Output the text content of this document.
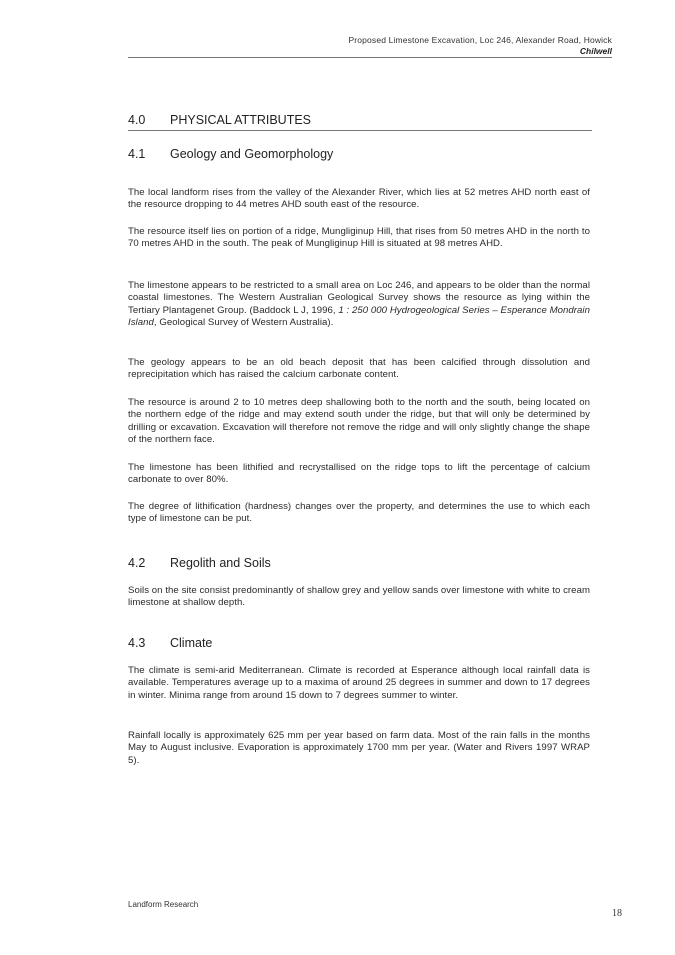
Proposed Limestone Excavation, Loc 246, Alexander Road, Howick
Chilwell
4.0 PHYSICAL ATTRIBUTES
4.1 Geology and Geomorphology
The local landform rises from the valley of the Alexander River, which lies at 52 metres AHD north east of the resource dropping to 44 metres AHD south east of the resource.
The resource itself lies on portion of a ridge, Mungliginup Hill, that rises from 50 metres AHD in the north to 70 metres AHD in the south. The peak of Mungliginup Hill is situated at 98 metres AHD.
The limestone appears to be restricted to a small area on Loc 246, and appears to be older than the normal coastal limestones. The Western Australian Geological Survey shows the resource as lying within the Tertiary Plantagenet Group. (Baddock L J, 1996, 1 : 250 000 Hydrogeological Series – Esperance Mondrain Island, Geological Survey of Western Australia).
The geology appears to be an old beach deposit that has been calcified through dissolution and reprecipitation which has raised the calcium carbonate content.
The resource is around 2 to 10 metres deep shallowing both to the north and the south, being located on the northern edge of the ridge and may extend south under the ridge, but that will only be determined by drilling or excavation. Excavation will therefore not remove the ridge and will only slightly change the shape of the northern face.
The limestone has been lithified and recrystallised on the ridge tops to lift the percentage of calcium carbonate to over 80%.
The degree of lithification (hardness) changes over the property, and determines the use to which each type of limestone can be put.
4.2 Regolith and Soils
Soils on the site consist predominantly of shallow grey and yellow sands over limestone with white to cream limestone at shallow depth.
4.3 Climate
The climate is semi-arid Mediterranean. Climate is recorded at Esperance although local rainfall data is available. Temperatures average up to a maxima of around 25 degrees in summer and down to 17 degrees in winter. Minima range from around 15 down to 7 degrees summer to winter.
Rainfall locally is approximately 625 mm per year based on farm data. Most of the rain falls in the months May to August inclusive. Evaporation is approximately 1700 mm per year. (Water and Rivers 1997 WRAP 5).
Landform Research
18
